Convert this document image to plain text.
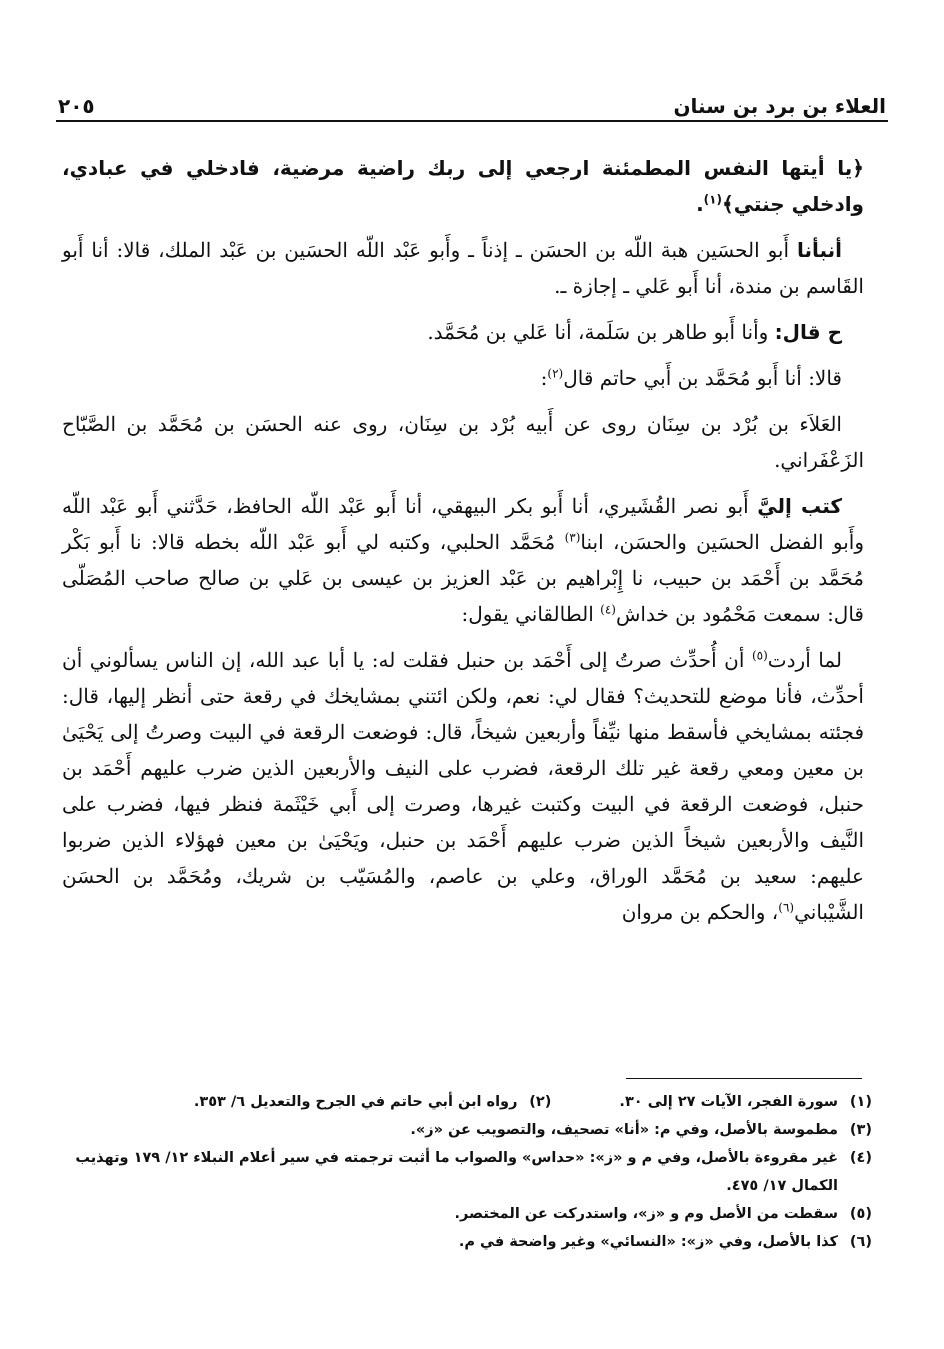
العلاء بن برد بن سنان
٢٠٥

﴿يا أيتها النفس المطمئنة ارجعي إلى ربك راضية مرضية، فادخلي في عبادي، وادخلي جنتي﴾$^{(١)}$.

أنبأنا أَبو الحسَين هبة اللّه بن الحسَن ـ إذناً ـ وأَبو عَبْد اللّه الحسَين بن عَبْد الملك، قالا: أنا أَبو القَاسم بن مندة، أنا أَبو عَلي ـ إجازة ـ.

ح قال: وأنا أَبو طاهر بن سَلَمة، أنا عَلي بن مُحَمَّد.

قالا: أنا أَبو مُحَمَّد بن أَبي حاتم قال$^{(٢)}$:

العَلاَء بن بُرْد بن سِنَان روى عن أَبيه بُرْد بن سِنَان، روى عنه الحسَن بن مُحَمَّد بن الصَّبّاح الزَعْفَراني.

كتب إليَّ أَبو نصر القُشَيري، أنا أَبو بكر البيهقي، أنا أَبو عَبْد اللّه الحافظ، حَدَّثني أَبو عَبْد اللّه وأَبو الفضل الحسَين والحسَن، ابنا$^{(٣)}$ مُحَمَّد الحلبي، وكتبه لي أَبو عَبْد اللّه بخطه قالا: نا أَبو بَكْر مُحَمَّد بن أَحْمَد بن حبيب، نا إِبْراهيم بن عَبْد العزيز بن عيسى بن عَلي بن صالح صاحب المُصَلّى قال: سمعت مَحْمُود بن خداش$^{(٤)}$ الطالقاني يقول:

لما أردت$^{(٥)}$ أن أُحدِّث صرتُ إلى أَحْمَد بن حنبل فقلت له: يا أبا عبد الله، إن الناس يسألوني أن أحدِّث، فأنا موضع للتحديث؟ فقال لي: نعم، ولكن ائتني بمشايخك في رقعة حتى أنظر إليها، قال: فجئته بمشايخي فأسقط منها نيِّفاً وأربعين شيخاً، قال: فوضعت الرقعة في البيت وصرتُ إلى يَحْيَىٰ بن معين ومعي رقعة غير تلك الرقعة، فضرب على النيف والأربعين الذين ضرب عليهم أَحْمَد بن حنبل، فوضعت الرقعة في البيت وكتبت غيرها، وصرت إلى أَبي خَيْثَمة فنظر فيها، فضرب على النَّيف والأربعين شيخاً الذين ضرب عليهم أَحْمَد بن حنبل، ويَحْيَىٰ بن معين فهؤلاء الذين ضربوا عليهم: سعيد بن مُحَمَّد الوراق، وعلي بن عاصم، والمُسَيّب بن شريك، ومُحَمَّد بن الحسَن الشَّيْباني$^{(٦)}$، والحكم بن مروان

(١)
سورة الفجر، الآيات ٢٧ إلى ٣٠.
(٢)
رواه ابن أبي حاتم في الجرح والتعديل ٦/ ٣٥٣.
(٣)
مطموسة بالأصل، وفي م: «أنا» تصحيف، والتصويب عن «ز».
(٤)
غير مقروءة بالأصل، وفي م و «ز»: «حداس» والصواب ما أثبت ترجمته في سير أعلام النبلاء ١٢/ ١٧٩ وتهذيب الكمال ١٧/ ٤٧٥.
(٥)
سقطت من الأصل وم و «ز»، واستدركت عن المختصر.
(٦)
كذا بالأصل، وفي «ز»: «النسائي» وغير واضحة في م.
